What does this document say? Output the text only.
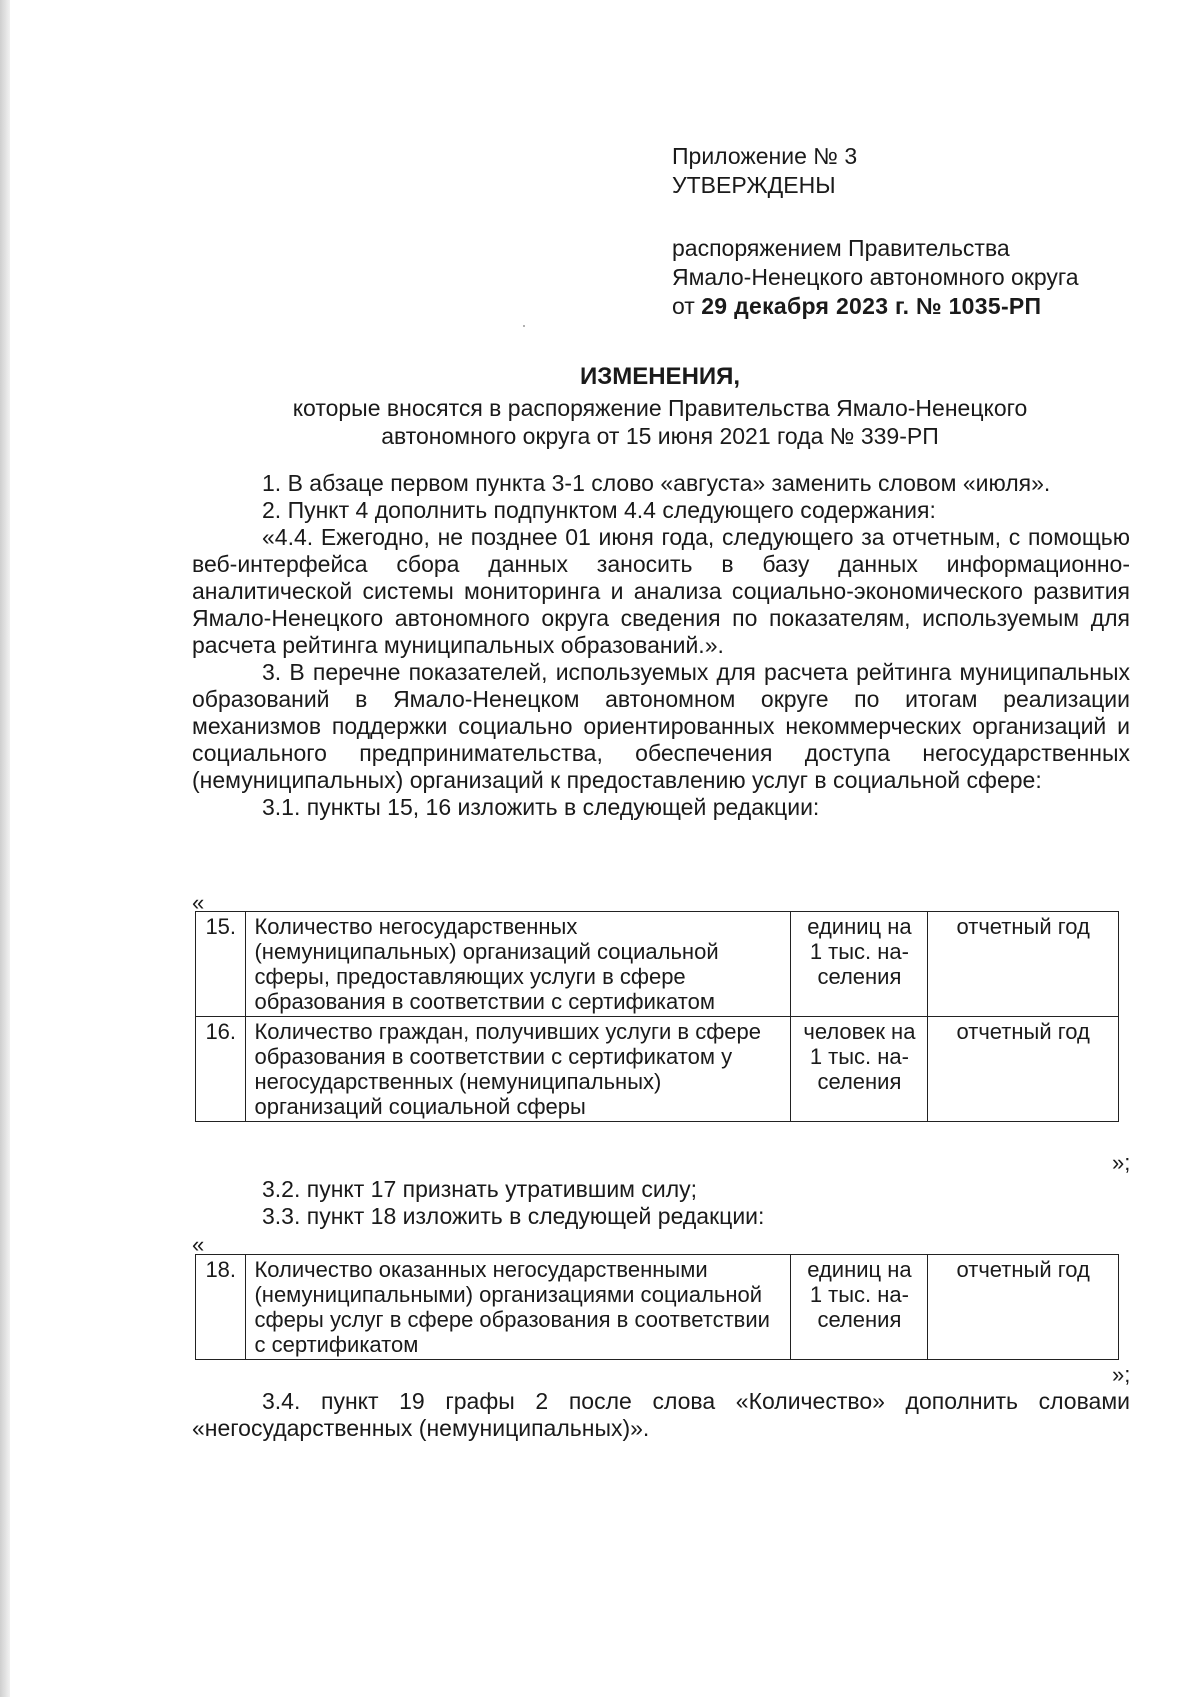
Приложение № 3
УТВЕРЖДЕНЫ
распоряжением Правительства
Ямало-Ненецкого автономного округа
от 29 декабря 2023 г. № 1035-РП
ИЗМЕНЕНИЯ,
которые вносятся в распоряжение Правительства Ямало-Ненецкого
автономного округа от 15 июня 2021 года № 339-РП

1. В абзаце первом пункта 3-1 слово «августа» заменить словом «июля».

2. Пункт 4 дополнить подпунктом 4.4 следующего содержания:

«4.4. Ежегодно, не позднее 01 июня года, следующего за отчетным, с помощью веб-интерфейса сбора данных заносить в базу данных информационно-аналитической системы мониторинга и анализа социально-экономического развития Ямало-Ненецкого автономного округа сведения по показателям, используемым для расчета рейтинга муниципальных образований.».

3. В перечне показателей, используемых для расчета рейтинга муниципальных образований в Ямало-Ненецком автономном округе по итогам реализации механизмов поддержки социально ориентированных некоммерческих организаций и социального предпринимательства, обеспечения доступа негосударственных (немуниципальных) организаций к предоставлению услуг в социальной сфере:

3.1. пункты 15, 16 изложить в следующей редакции:

«
15.	Количество негосударственных (немуниципальных) организаций социальной сферы, предоставляющих услуги в сфере образования в соответствии с сертификатом	единиц на 1 тыс. на-селения	отчетный год
16.	Количество граждан, получивших услуги в сфере образования в соответствии с сертификатом у негосударственных (немуниципальных) организаций социальной сферы	человек на 1 тыс. на-селения	отчетный год
»;

3.2. пункт 17 признать утратившим силу;

3.3. пункт 18 изложить в следующей редакции:

«
18.	Количество оказанных негосударственными (немуниципальными) организациями социальной сферы услуг в сфере образования в соответствии с сертификатом	единиц на 1 тыс. на-селения	отчетный год
»;

3.4. пункт 19 графы 2 после слова «Количество» дополнить словами «негосударственных (немуниципальных)».
